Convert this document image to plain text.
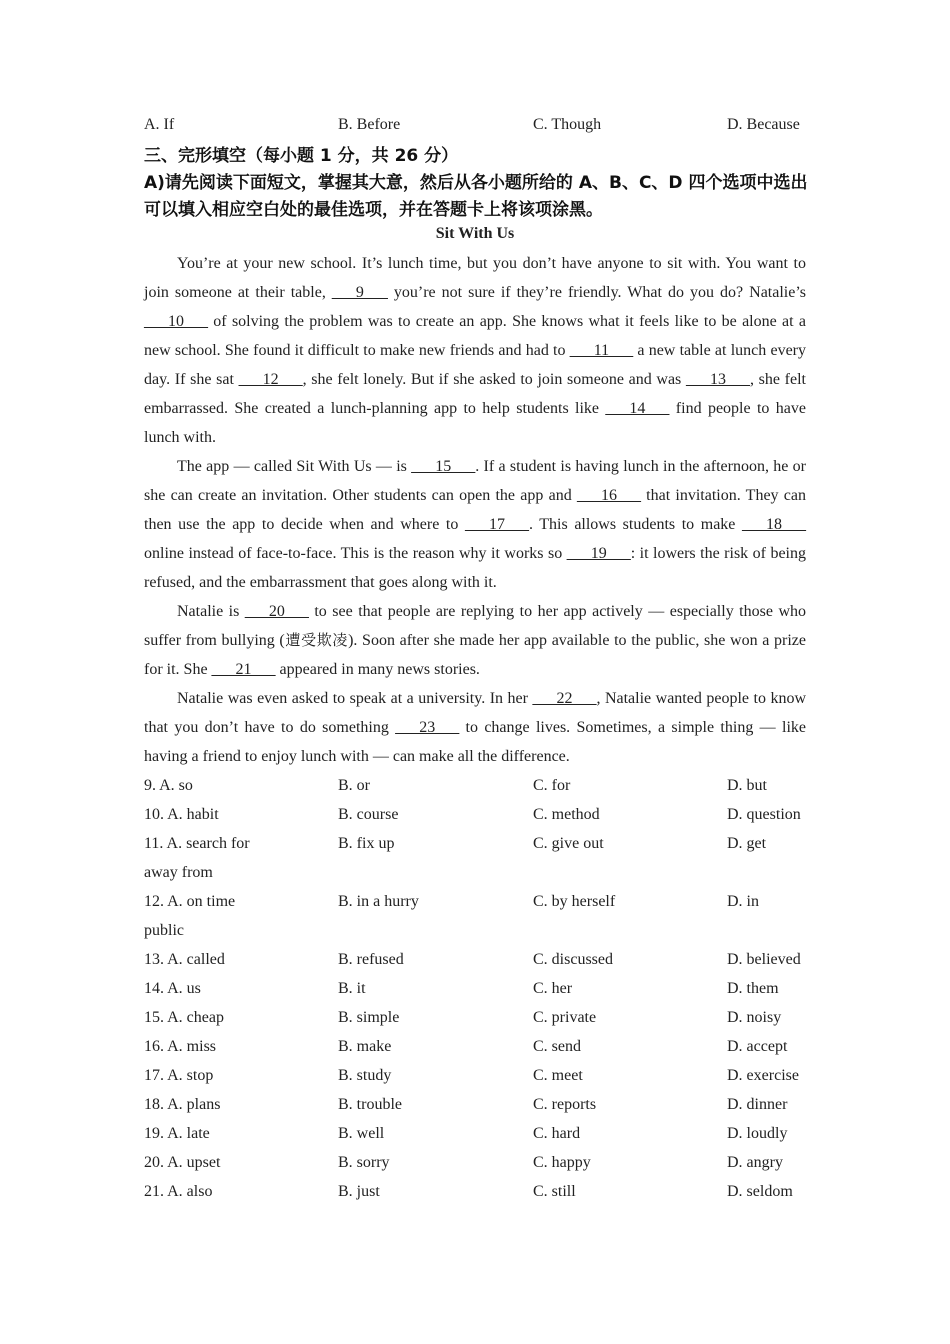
A. If	B. Before	C. Though	D. Because
三、完形填空（每小题 1 分，共 26 分）
A)请先阅读下面短文，掌握其大意，然后从各小题所给的 A、B、C、D 四个选项中选出可以填入相应空白处的最佳选项，并在答题卡上将该项涂黑。
Sit With Us

You’re at your new school. It’s lunch time, but you don’t have anyone to sit with. You want to join someone at their table, ___9___ you’re not sure if they’re friendly. What do you do? Natalie’s ___10___ of solving the problem was to create an app. She knows what it feels like to be alone at a new school. She found it difficult to make new friends and had to ___11___ a new table at lunch every day. If she sat ___12___, she felt lonely. But if she asked to join someone and was ___13___, she felt embarrassed. She created a lunch-planning app to help students like ___14___ find people to have lunch with.

The app — called Sit With Us — is ___15___. If a student is having lunch in the afternoon, he or she can create an invitation. Other students can open the app and ___16___ that invitation. They can then use the app to decide when and where to ___17___. This allows students to make ___18___ online instead of face-to-face. This is the reason why it works so ___19___: it lowers the risk of being refused, and the embarrassment that goes along with it.

Natalie is ___20___ to see that people are replying to her app actively — especially those who suffer from bullying (遭受欺凌). Soon after she made her app available to the public, she won a prize for it. She ___21___ appeared in many news stories.

Natalie was even asked to speak at a university. In her ___22___, Natalie wanted people to know that you don’t have to do something ___23___ to change lives. Sometimes, a simple thing — like having a friend to enjoy lunch with — can make all the difference.

9. A. so	B. or	C. for	D. but
10. A. habit	B. course	C. method	D. question
11. A. search for	B. fix up	C. give out	D. get
away from
12. A. on time	B. in a hurry	C. by herself	D. in
public
13. A. called	B. refused	C. discussed	D. believed
14. A. us	B. it	C. her	D. them
15. A. cheap	B. simple	C. private	D. noisy
16. A. miss	B. make	C. send	D. accept
17. A. stop	B. study	C. meet	D. exercise
18. A. plans	B. trouble	C. reports	D. dinner
19. A. late	B. well	C. hard	D. loudly
20. A. upset	B. sorry	C. happy	D. angry
21. A. also	B. just	C. still	D. seldom
